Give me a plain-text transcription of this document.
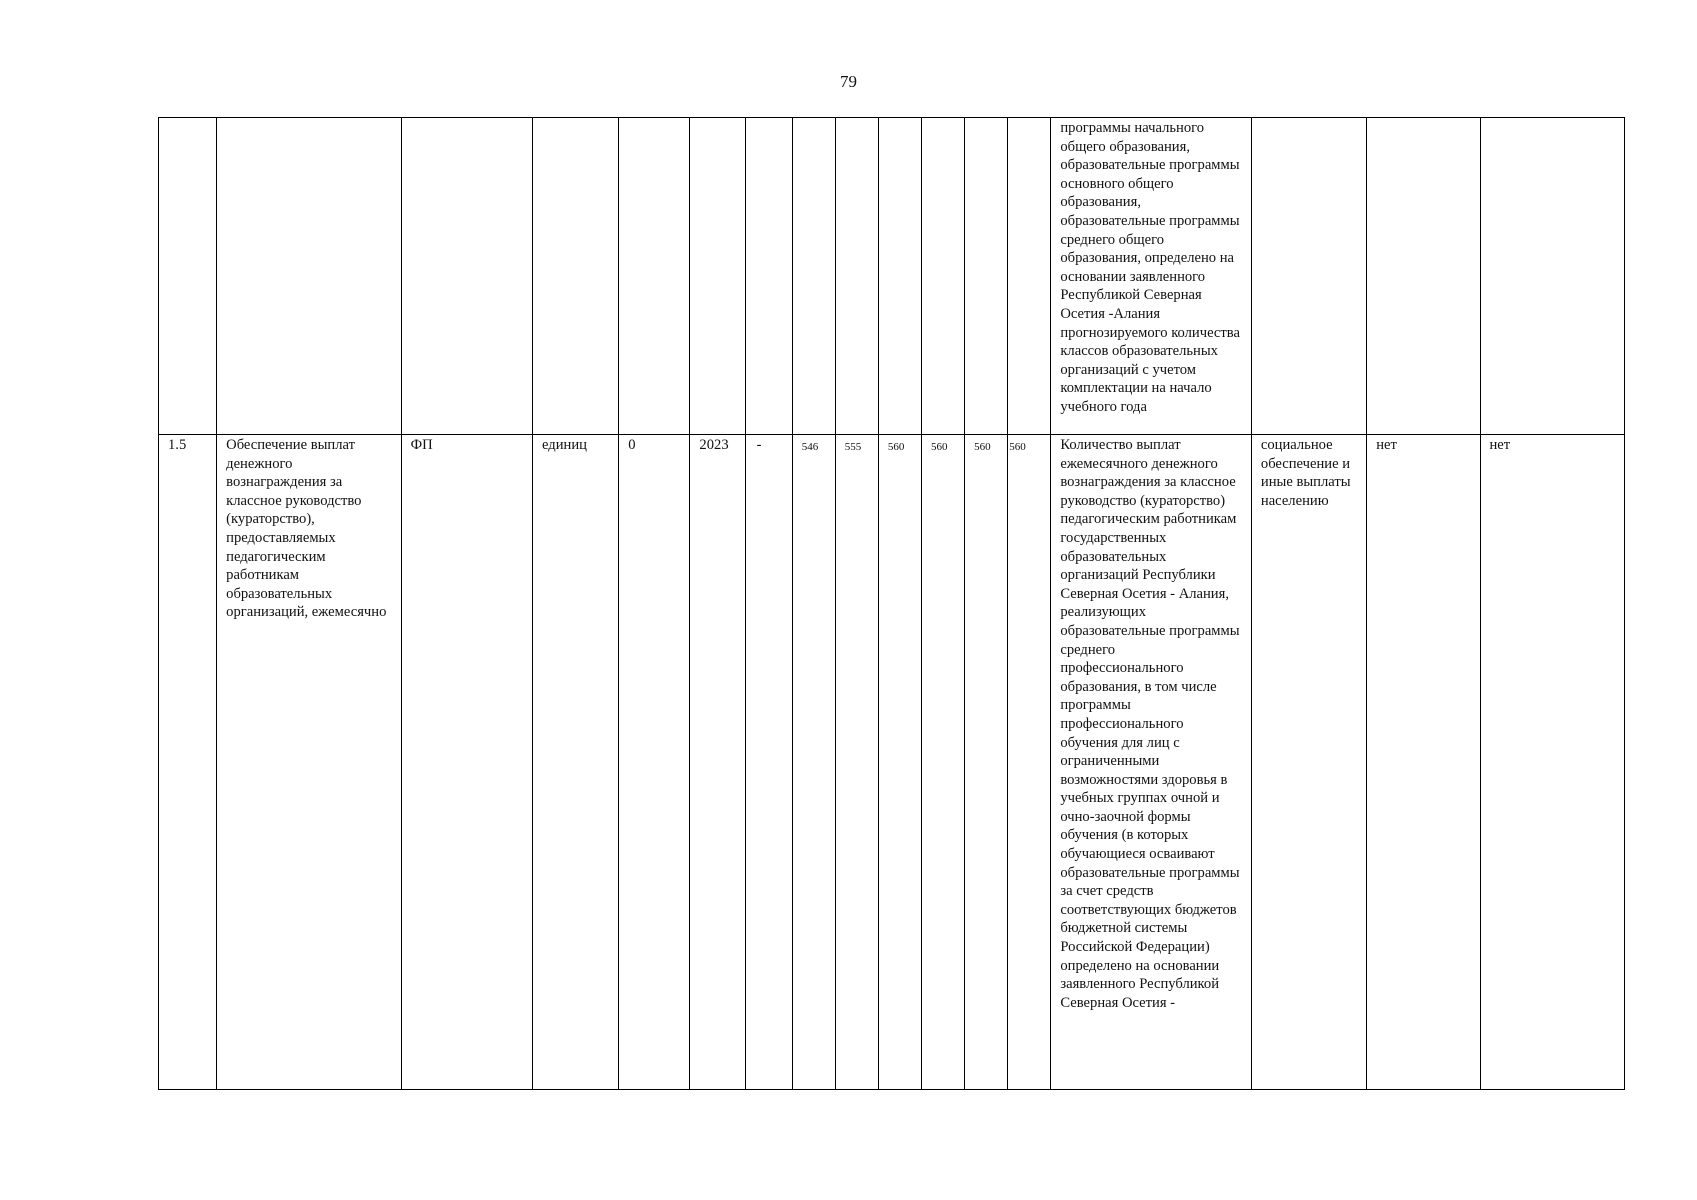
79
													программы начального общего образования, образовательные программы основного общего образования, образовательные программы среднего общего образования, определено на основании заявленного Республикой Северная Осетия -Алания прогнозируемого количества классов образовательных организаций с учетом комплектации на начало учебного года			
1.5	Обеспечение выплат денежного вознаграждения за классное руководство (кураторство), предоставляемых педагогическим работникам образовательных организаций, ежемесячно	ФП	единиц	0	2023	-	546	555	560	560	560	560	Количество выплат ежемесячного денежного вознаграждения за классное руководство (кураторство) педагогическим работникам государственных образовательных организаций Республики Северная Осетия - Алания, реализующих образовательные программы среднего профессионального образования, в том числе программы профессионального обучения для лиц с ограниченными возможностями здоровья в учебных группах очной и очно-заочной формы обучения (в которых обучающиеся осваивают образовательные программы за счет средств соответствующих бюджетов бюджетной системы Российской Федерации) определено на основании заявленного Республикой Северная Осетия -	социальное обеспечение и иные выплаты населению	нет	нет
